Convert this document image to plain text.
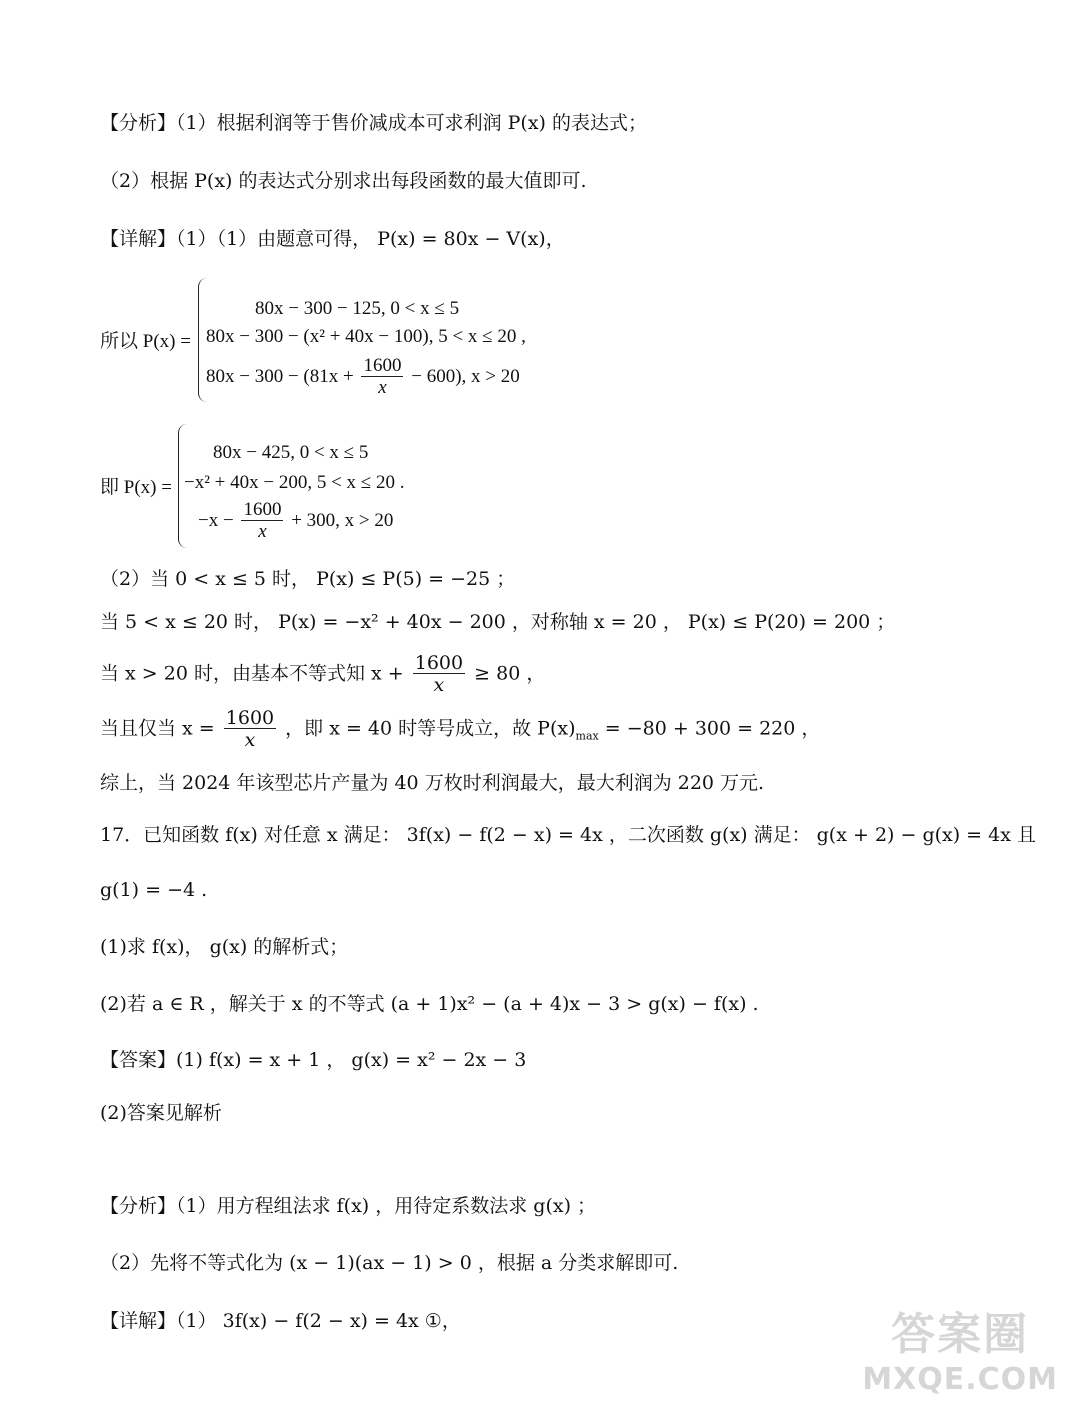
【分析】（1）根据利润等于售价减成本可求利润 P(x) 的表达式；
（2）根据 P(x) 的表达式分别求出每段函数的最大值即可.
【详解】（1）（1）由题意可得， P(x) = 80x − V(x)，
所以 P(x) =
80x − 300 − 125, 0 < x ≤ 5
80x − 300 − (x² + 40x − 100), 5 < x ≤ 20 ,
$80x - 300 - (81x + \frac{1600}{x} - 600)$, x > 20
即 P(x) =
80x − 425, 0 < x ≤ 5
−x² + 40x − 200, 5 < x ≤ 20 .
$-x - \frac{1600}{x} + 300$, x > 20
（2）当 0 < x ≤ 5 时， P(x) ≤ P(5) = −25 ；
当 5 < x ≤ 20 时， P(x) = −x² + 40x − 200 ，对称轴 x = 20 ， P(x) ≤ P(20) = 200 ；
当 x > 20 时，由基本不等式知 $x + \frac{1600}{x} \ge 80$ ，
当且仅当 $x = \frac{1600}{x}$ ，即 x = 40 时等号成立，故 $P(x)_{max} = -80 + 300 = 220$ ，
综上，当 2024 年该型芯片产量为 40 万枚时利润最大，最大利润为 220 万元.
17．已知函数 f(x) 对任意 x 满足： 3f(x) − f(2 − x) = 4x ，二次函数 g(x) 满足： g(x + 2) − g(x) = 4x 且
g(1) = −4 .
(1)求 f(x)， g(x) 的解析式；
(2)若 a ∈ R ，解关于 x 的不等式 (a + 1)x² − (a + 4)x − 3 > g(x) − f(x) .
【答案】(1) f(x) = x + 1 ， g(x) = x² − 2x − 3
(2)答案见解析
【分析】（1）用方程组法求 f(x) ，用待定系数法求 g(x) ；
（2）先将不等式化为 (x − 1)(ax − 1) > 0 ，根据 a 分类求解即可.
【详解】（1） 3f(x) − f(2 − x) = 4x ①，	答案圈
MXQE.COM
